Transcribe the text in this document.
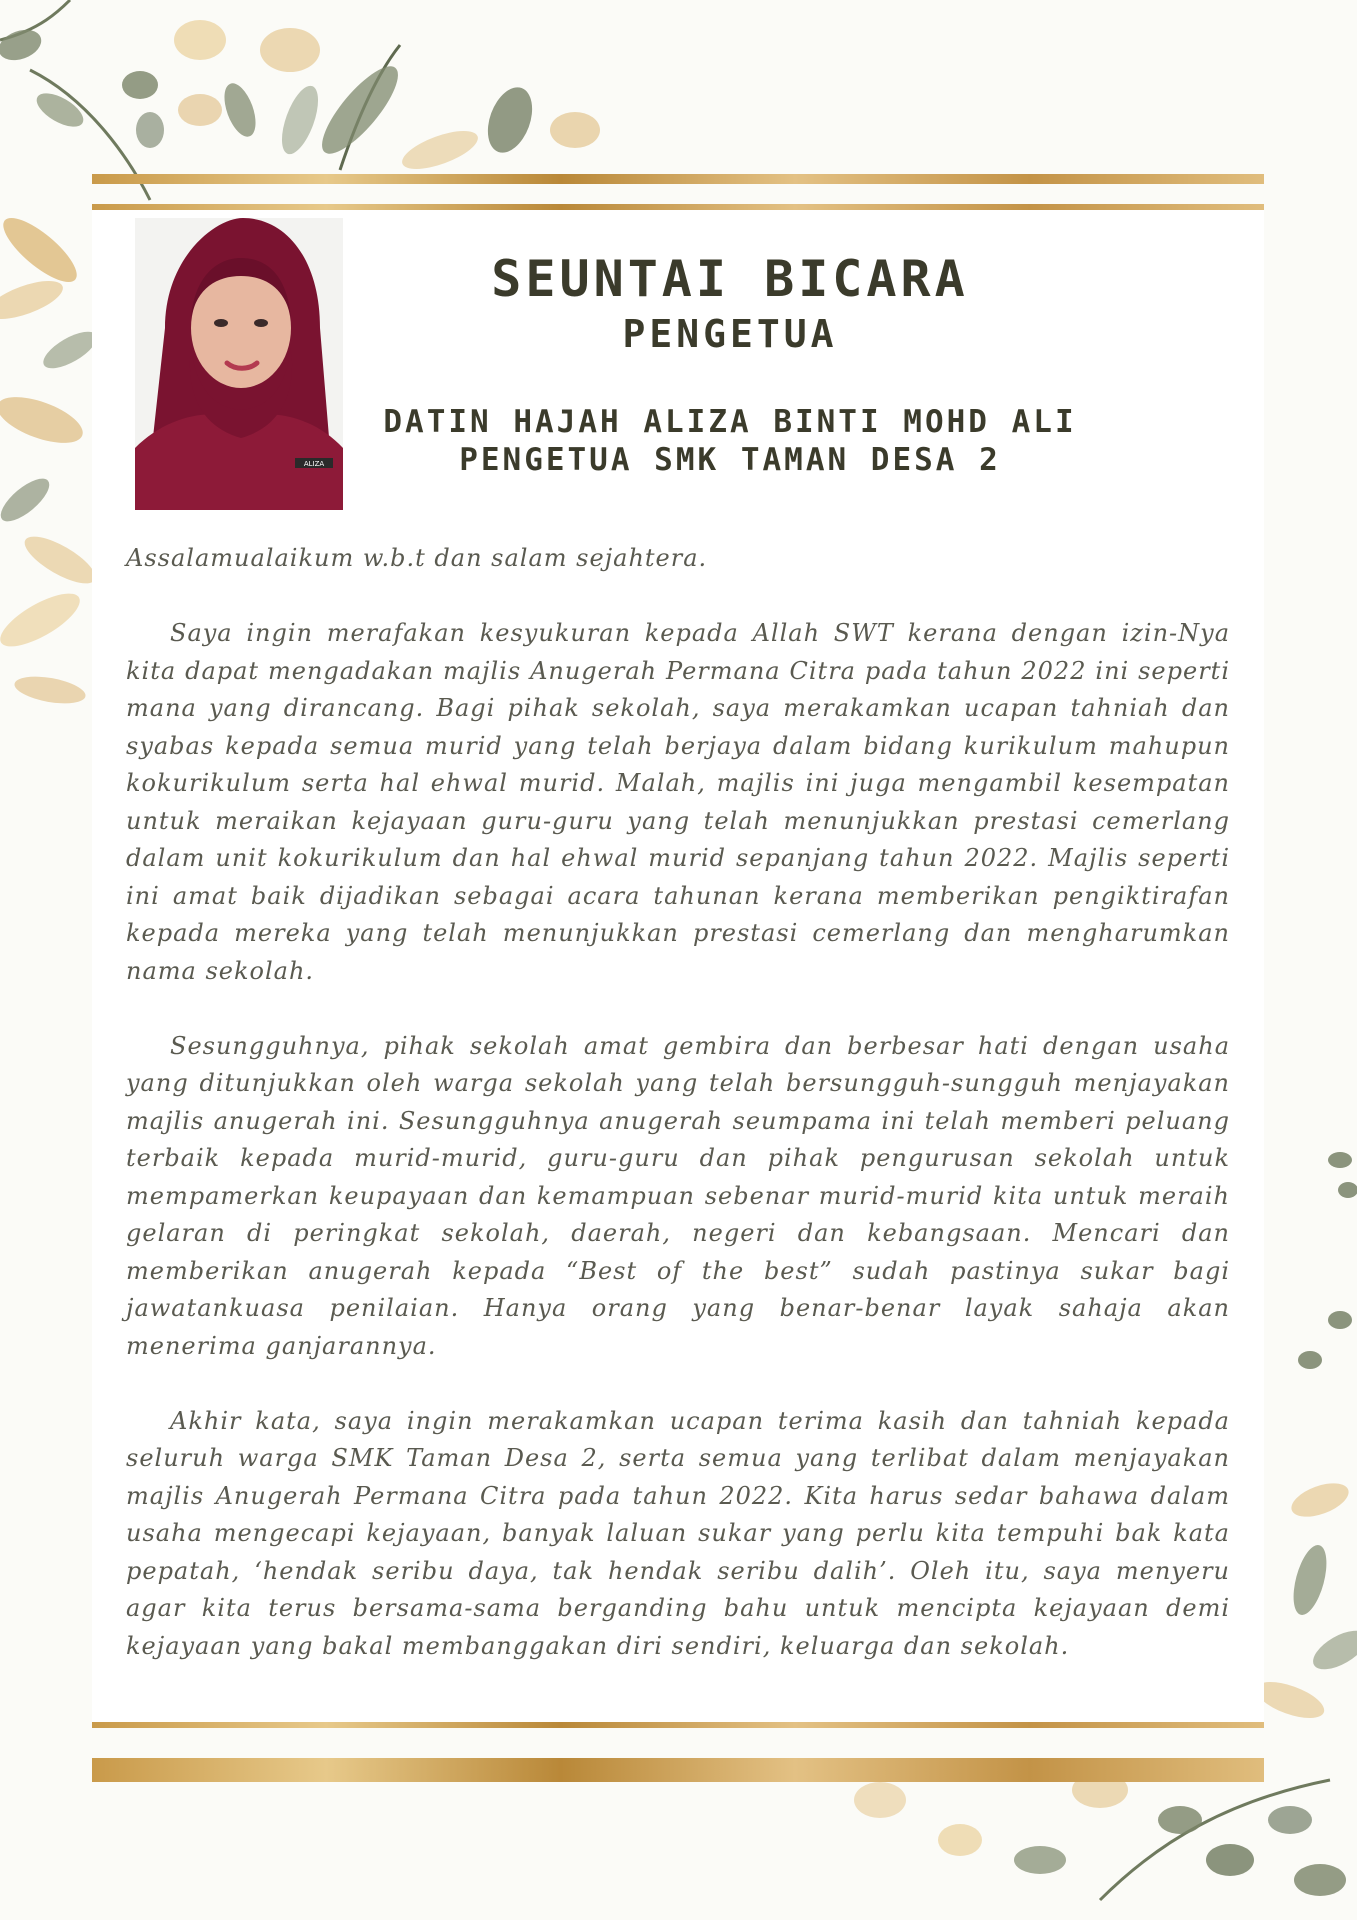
ALIZA
SEUNTAI BICARA
PENGETUA
DATIN HAJAH ALIZA BINTI MOHD ALI
PENGETUA SMK TAMAN DESA 2

Assalamualaikum w.b.t dan salam sejahtera.

Saya ingin merafakan kesyukuran kepada Allah SWT kerana dengan izin-Nya kita dapat mengadakan majlis Anugerah Permana Citra pada tahun 2022 ini seperti mana yang dirancang. Bagi pihak sekolah, saya merakamkan ucapan tahniah dan syabas kepada semua murid yang telah berjaya dalam bidang kurikulum mahupun kokurikulum serta hal ehwal murid. Malah, majlis ini juga mengambil kesempatan untuk meraikan kejayaan guru-guru yang telah menunjukkan prestasi cemerlang dalam unit kokurikulum dan hal ehwal murid sepanjang tahun 2022. Majlis seperti ini amat baik dijadikan sebagai acara tahunan kerana memberikan pengiktirafan kepada mereka yang telah menunjukkan prestasi cemerlang dan mengharumkan nama sekolah.

Sesungguhnya, pihak sekolah amat gembira dan berbesar hati dengan usaha yang ditunjukkan oleh warga sekolah yang telah bersungguh-sungguh menjayakan majlis anugerah ini. Sesungguhnya anugerah seumpama ini telah memberi peluang terbaik kepada murid-murid, guru-guru dan pihak pengurusan sekolah untuk mempamerkan keupayaan dan kemampuan sebenar murid-murid kita untuk meraih gelaran di peringkat sekolah, daerah, negeri dan kebangsaan. Mencari dan memberikan anugerah kepada “Best of the best” sudah pastinya sukar bagi jawatankuasa penilaian. Hanya orang yang benar-benar layak sahaja akan menerima ganjarannya.

Akhir kata, saya ingin merakamkan ucapan terima kasih dan tahniah kepada seluruh warga SMK Taman Desa 2, serta semua yang terlibat dalam menjayakan majlis Anugerah Permana Citra pada tahun 2022. Kita harus sedar bahawa dalam usaha mengecapi kejayaan, banyak laluan sukar yang perlu kita tempuhi bak kata pepatah, ‘hendak seribu daya, tak hendak seribu dalih’. Oleh itu, saya menyeru agar kita terus bersama-sama berganding bahu untuk mencipta kejayaan demi kejayaan yang bakal membanggakan diri sendiri, keluarga dan sekolah.
